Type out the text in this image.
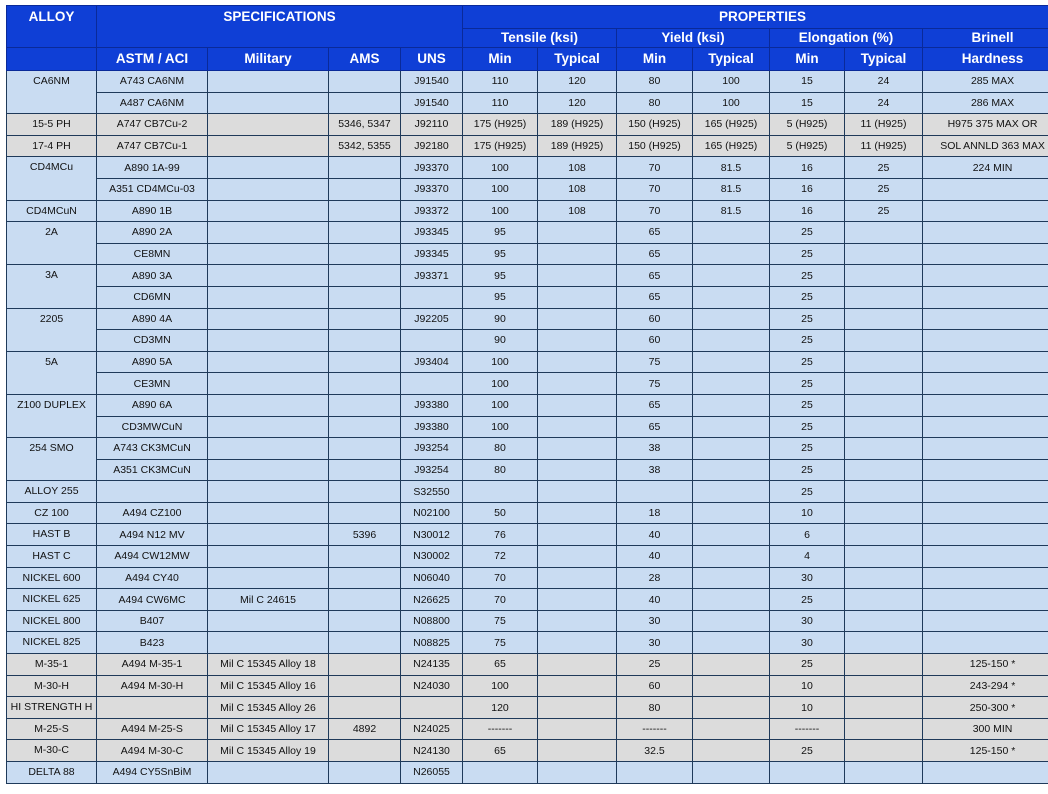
ALLOY	SPECIFICATIONS				PROPERTIES						
					Tensile (ksi)		Yield (ksi)		Elongation (%)		Brinell
	ASTM / ACI	Military	AMS	UNS	Min	Typical	Min	Typical	Min	Typical	Hardness
CA6NM	A743 CA6NM			J91540	110	120	80	100	15	24	285 MAX
	A487 CA6NM			J91540	110	120	80	100	15	24	286 MAX
15-5 PH	A747 CB7Cu-2		5346, 5347	J92110	175 (H925)	189 (H925)	150 (H925)	165 (H925)	5 (H925)	11 (H925)	H975 375 MAX OR
17-4 PH	A747 CB7Cu-1		5342, 5355	J92180	175 (H925)	189 (H925)	150 (H925)	165 (H925)	5 (H925)	11 (H925)	SOL ANNLD 363 MAX
CD4MCu	A890 1A-99			J93370	100	108	70	81.5	16	25	224 MIN
	A351 CD4MCu-03			J93370	100	108	70	81.5	16	25	
CD4MCuN	A890 1B			J93372	100	108	70	81.5	16	25	
2A	A890 2A			J93345	95		65		25		
	CE8MN			J93345	95		65		25		
3A	A890 3A			J93371	95		65		25		
	CD6MN				95		65		25		
2205	A890 4A			J92205	90		60		25		
	CD3MN				90		60		25		
5A	A890 5A			J93404	100		75		25		
	CE3MN				100		75		25		
Z100 DUPLEX	A890 6A			J93380	100		65		25		
	CD3MWCuN			J93380	100		65		25		
254 SMO	A743 CK3MCuN			J93254	80		38		25		
	A351 CK3MCuN			J93254	80		38		25		
ALLOY 255				S32550					25		
CZ 100	A494 CZ100			N02100	50		18		10		
HAST B	A494 N12 MV		5396	N30012	76		40		6		
HAST C	A494 CW12MW			N30002	72		40		4		
NICKEL 600	A494 CY40			N06040	70		28		30		
NICKEL 625	A494 CW6MC	Mil C 24615		N26625	70		40		25		
NICKEL 800	B407			N08800	75		30		30		
NICKEL 825	B423			N08825	75		30		30		
M-35-1	A494 M-35-1	Mil C 15345 Alloy 18		N24135	65		25		25		125-150 *
M-30-H	A494 M-30-H	Mil C 15345 Alloy 16		N24030	100		60		10		243-294 *
HI STRENGTH H		Mil C 15345 Alloy 26			120		80		10		250-300 *
M-25-S	A494 M-25-S	Mil C 15345 Alloy 17	4892	N24025	-------		-------		-------		300 MIN
M-30-C	A494 M-30-C	Mil C 15345 Alloy 19		N24130	65		32.5		25		125-150 *
DELTA 88	A494 CY5SnBiM			N26055							
